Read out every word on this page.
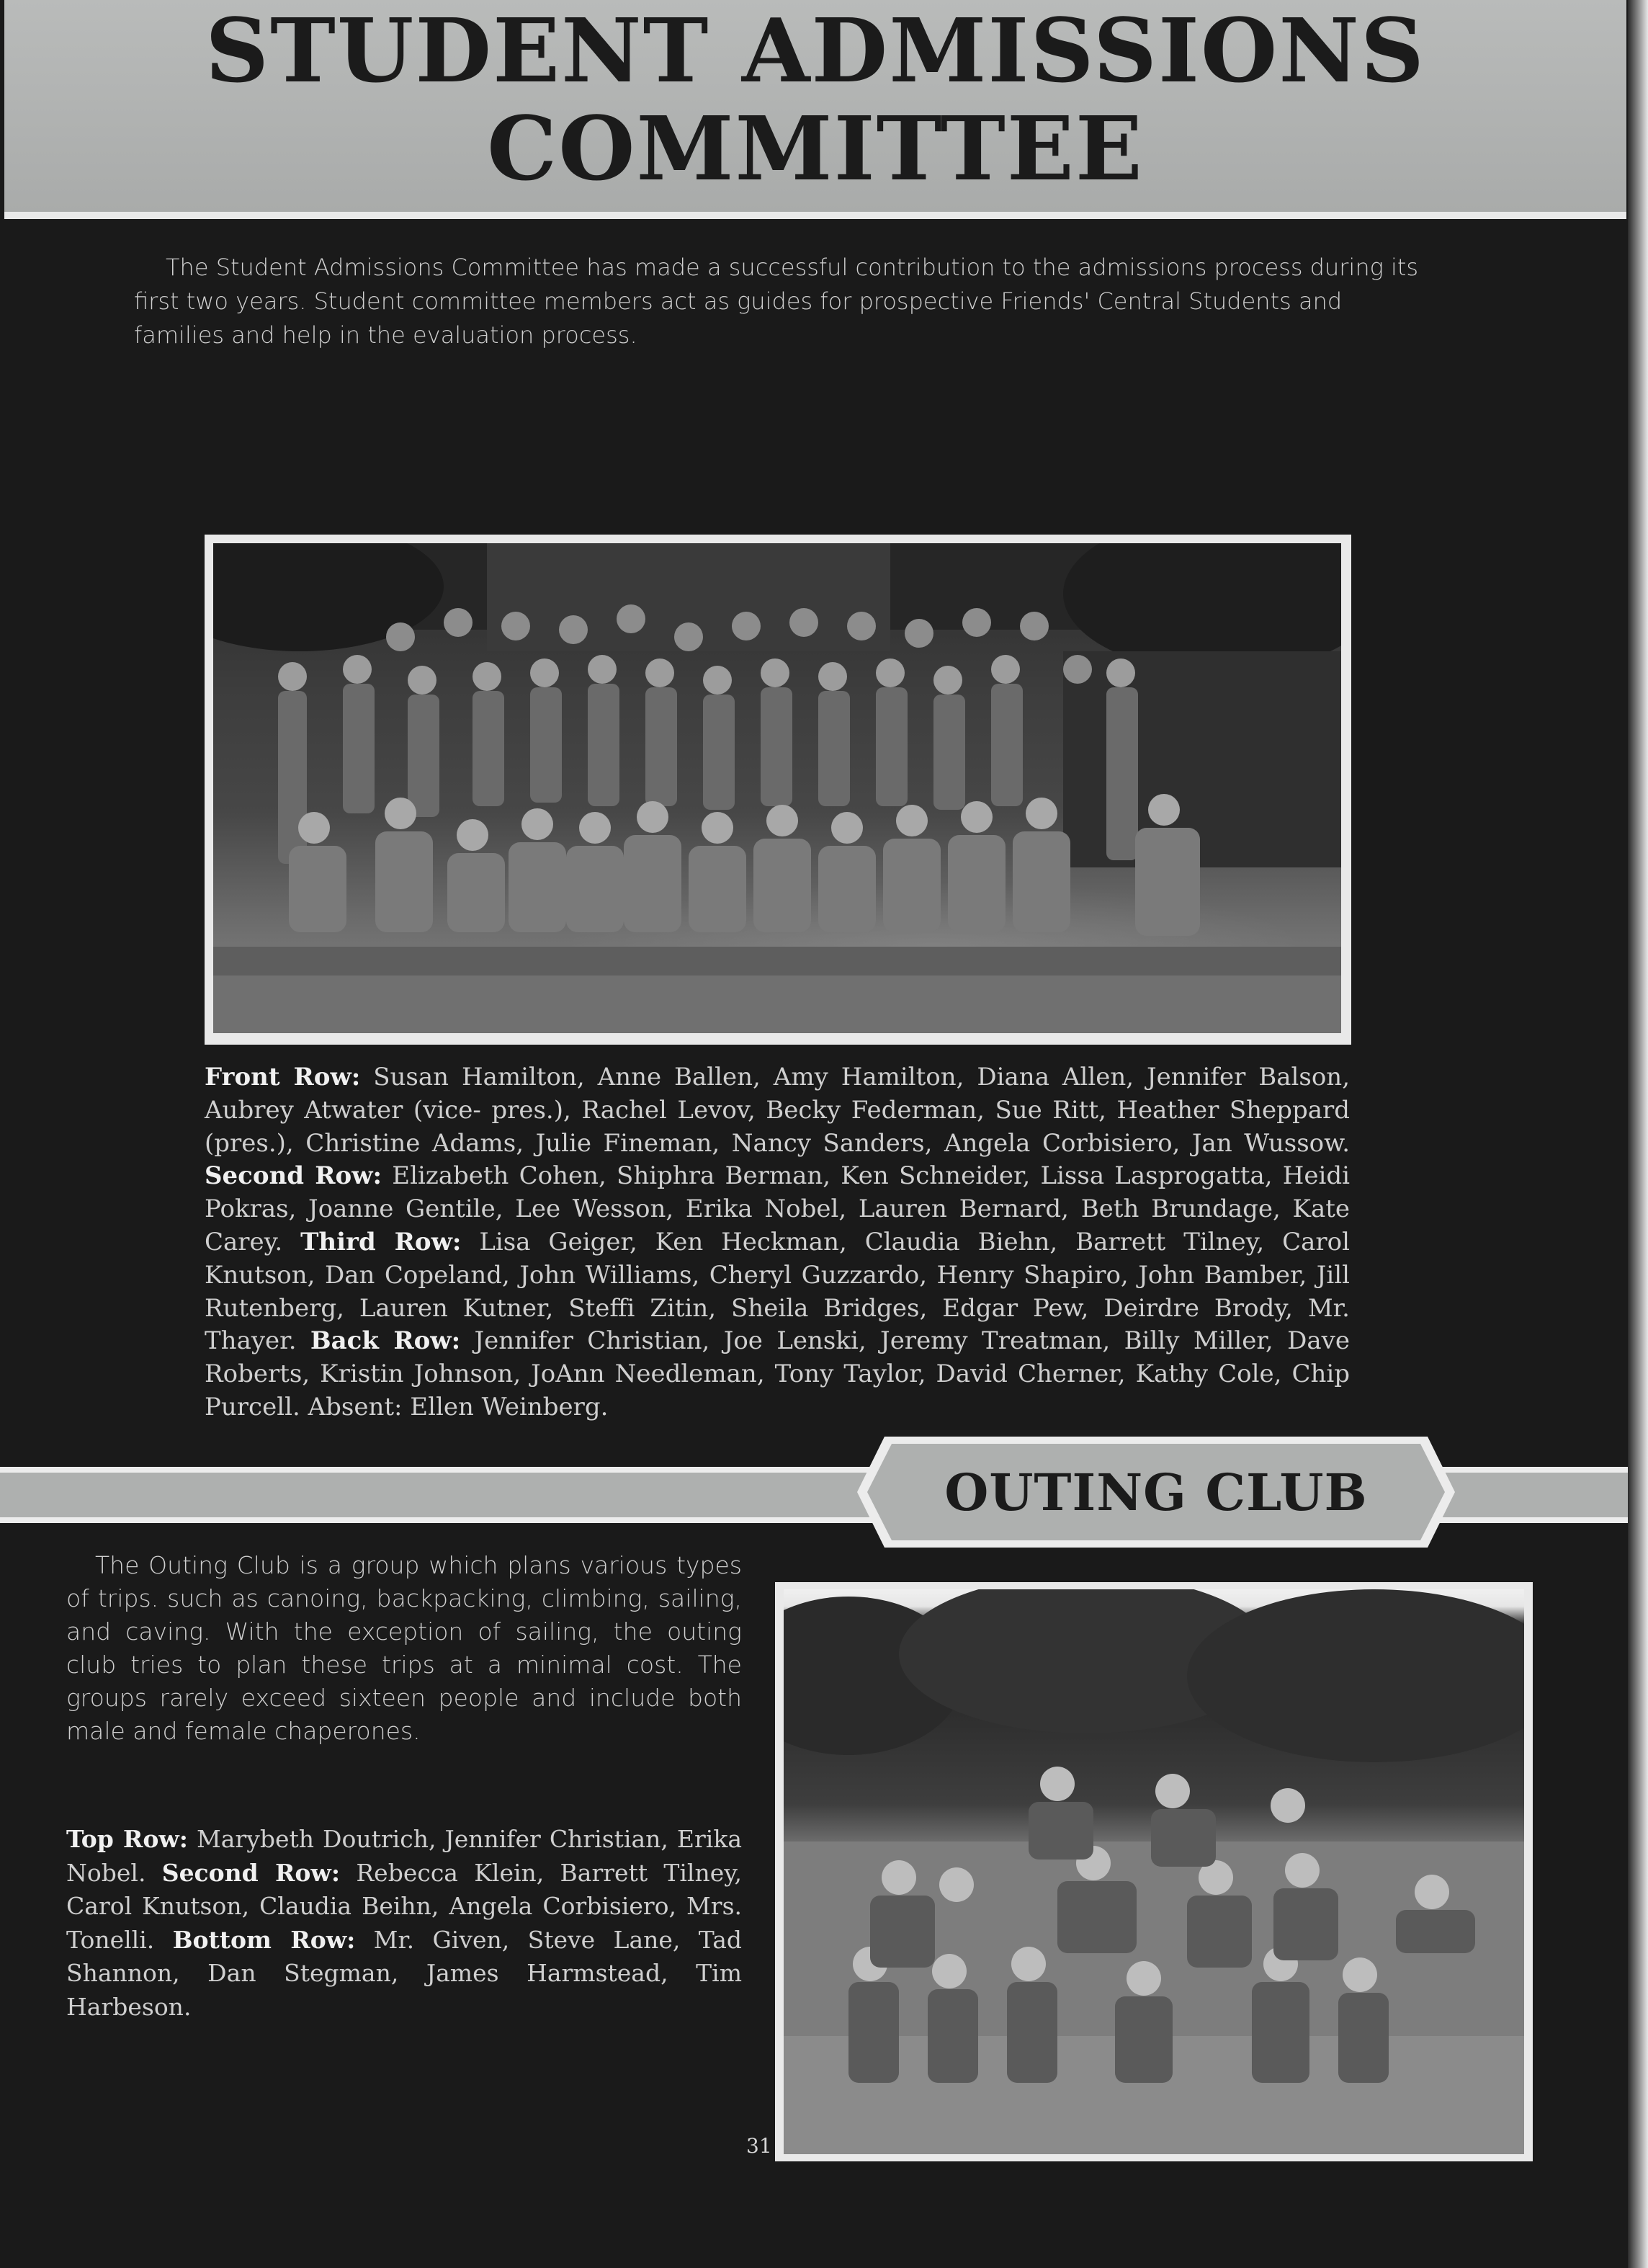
STUDENT ADMISSIONS
COMMITTEE

The Student Admissions Committee has made a successful contribution to the admissions process during its first two years. Student committee members act as guides for prospective Friends' Central Students and families and help in the evaluation process.

Front Row: Susan Hamilton, Anne Ballen, Amy Hamilton, Diana Allen, Jennifer Balson, Aubrey Atwater (vice- pres.), Rachel Levov, Becky Federman, Sue Ritt, Heather Sheppard (pres.), Christine Adams, Julie Fineman, Nancy Sanders, Angela Corbisiero, Jan Wussow. Second Row: Elizabeth Cohen, Shiphra Berman, Ken Schneider, Lissa Lasprogatta, Heidi Pokras, Joanne Gentile, Lee Wesson, Erika Nobel, Lauren Bernard, Beth Brundage, Kate Carey. Third Row: Lisa Geiger, Ken Heckman, Claudia Biehn, Barrett Tilney, Carol Knutson, Dan Copeland, John Williams, Cheryl Guzzardo, Henry Shapiro, John Bamber, Jill Rutenberg, Lauren Kutner, Steffi Zitin, Sheila Bridges, Edgar Pew, Deirdre Brody, Mr. Thayer. Back Row: Jennifer Christian, Joe Lenski, Jeremy Treatman, Billy Miller, Dave Roberts, Kristin Johnson, JoAnn Needleman, Tony Taylor, David Cherner, Kathy Cole, Chip Purcell. Absent: Ellen Weinberg.

OUTING CLUB

The Outing Club is a group which plans various types of trips. such as canoing, backpacking, climbing, sailing, and caving. With the exception of sailing, the outing club tries to plan these trips at a minimal cost. The groups rarely exceed sixteen people and include both male and female chaperones.

Top Row: Marybeth Doutrich, Jennifer Christian, Erika Nobel. Second Row: Rebecca Klein, Barrett Tilney, Carol Knutson, Claudia Beihn, Angela Corbisiero, Mrs. Tonelli. Bottom Row: Mr. Given, Steve Lane, Tad Shannon, Dan Stegman, James Harmstead, Tim Harbeson.

31
